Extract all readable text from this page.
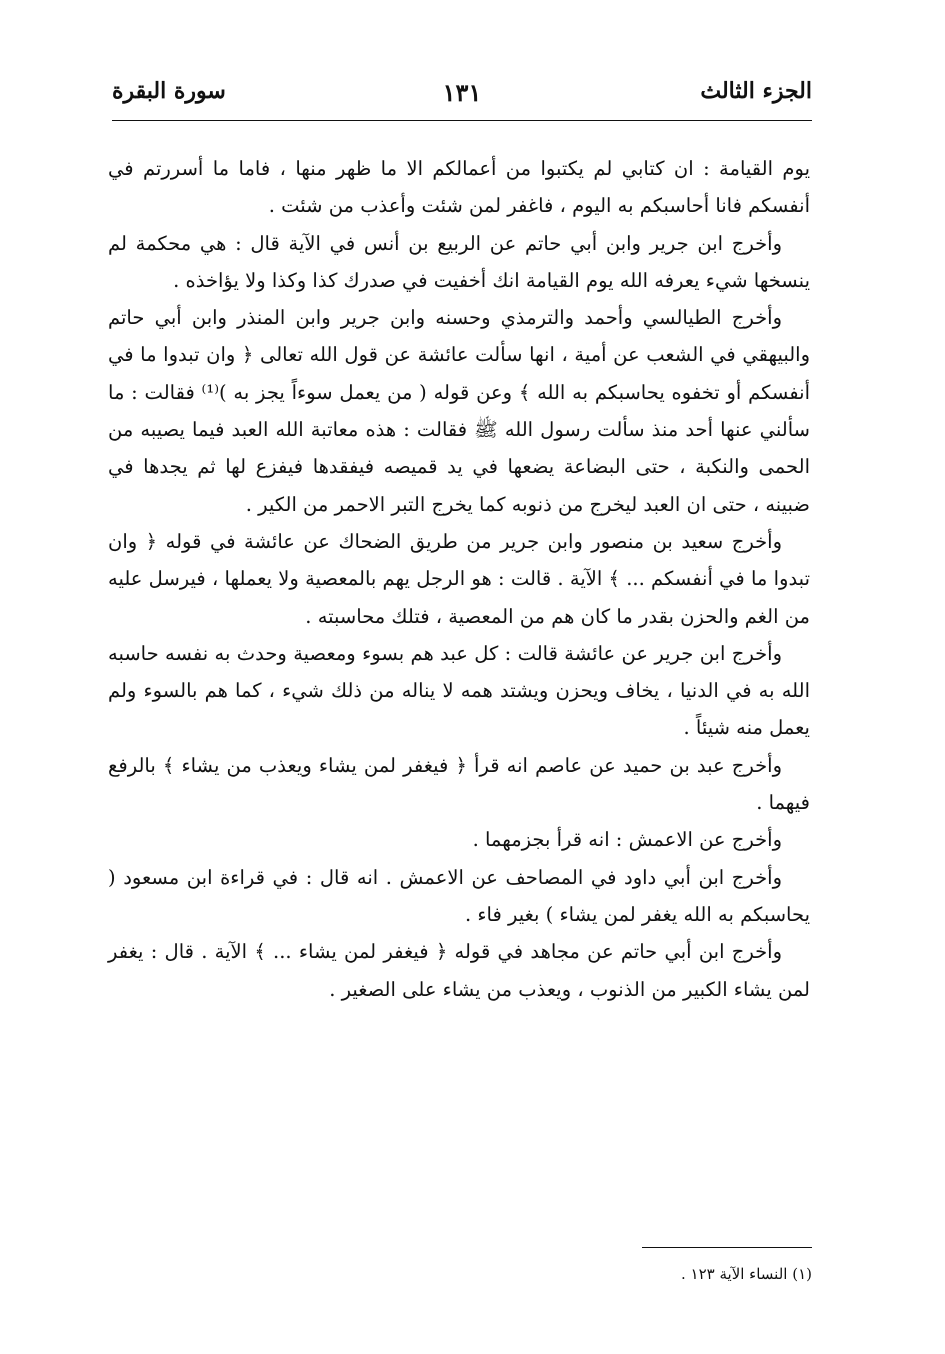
الجزء الثالث
١٣١
سورة البقرة

يوم القيامة : ان كتابي لم يكتبوا من أعمالكم الا ما ظهر منها ، فاما ما أسررتم في أنفسكم فانا أحاسبكم به اليوم ، فاغفر لمن شئت وأعذب من شئت .

وأخرج ابن جرير وابن أبي حاتم عن الربيع بن أنس في الآية قال : هي محكمة لم ينسخها شيء يعرفه الله يوم القيامة انك أخفيت في صدرك كذا وكذا ولا يؤاخذه .

وأخرج الطيالسي وأحمد والترمذي وحسنه وابن جرير وابن المنذر وابن أبي حاتم والبيهقي في الشعب عن أمية ، انها سألت عائشة عن قول الله تعالى ﴿ وان تبدوا ما في أنفسكم أو تخفوه يحاسبكم به الله ﴾ وعن قوله ( من يعمل سوءاً يجز به )⁽¹⁾ فقالت : ما سألني عنها أحد منذ سألت رسول الله ﷺ فقالت : هذه معاتبة الله العبد فيما يصيبه من الحمى والنكبة ، حتى البضاعة يضعها في يد قميصه فيفقدها فيفزع لها ثم يجدها في ضبينه ، حتى ان العبد ليخرج من ذنوبه كما يخرج التبر الاحمر من الكير .

وأخرج سعيد بن منصور وابن جرير من طريق الضحاك عن عائشة في قوله ﴿ وان تبدوا ما في أنفسكم ... ﴾ الآية . قالت : هو الرجل يهم بالمعصية ولا يعملها ، فيرسل عليه من الغم والحزن بقدر ما كان هم من المعصية ، فتلك محاسبته .

وأخرج ابن جرير عن عائشة قالت : كل عبد هم بسوء ومعصية وحدث به نفسه حاسبه الله به في الدنيا ، يخاف ويحزن ويشتد همه لا يناله من ذلك شيء ، كما هم بالسوء ولم يعمل منه شيئاً .

وأخرج عبد بن حميد عن عاصم انه قرأ ﴿ فيغفر لمن يشاء ويعذب من يشاء ﴾ بالرفع فيهما .

وأخرج عن الاعمش : انه قرأ بجزمهما .

وأخرج ابن أبي داود في المصاحف عن الاعمش . انه قال : في قراءة ابن مسعود ( يحاسبكم به الله يغفر لمن يشاء ) بغير فاء .

وأخرج ابن أبي حاتم عن مجاهد في قوله ﴿ فيغفر لمن يشاء ... ﴾ الآية . قال : يغفر لمن يشاء الكبير من الذنوب ، ويعذب من يشاء على الصغير .

(١) النساء الآية ١٢٣ .
